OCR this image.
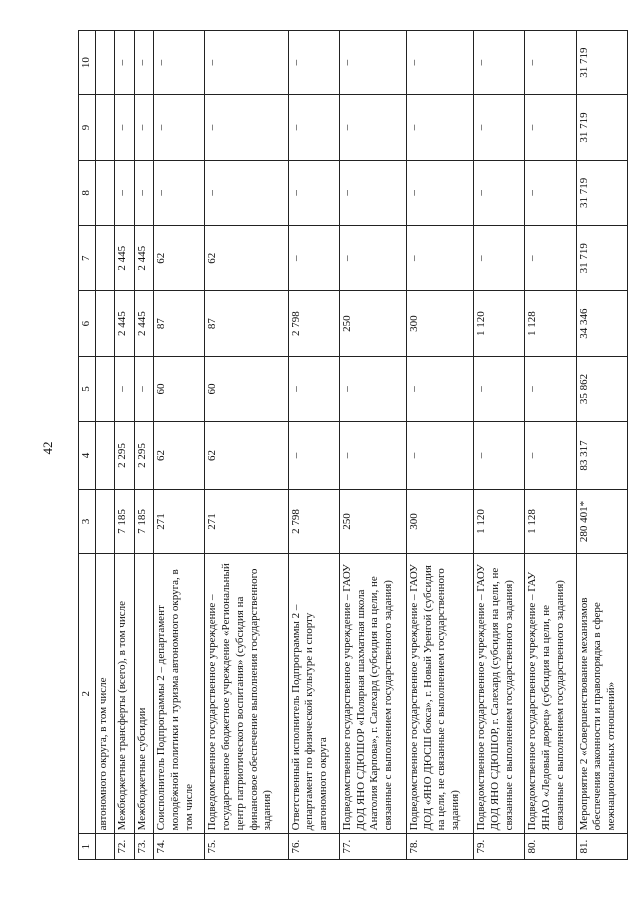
42
1	2	3	4	5	6	7	8	9	10
	автономного округа, в том числе								
72.	Межбюджетные трансферты (всего), в том числе	7 185	2 295	–	2 445	2 445	–	–	–
73.	Межбюджетные субсидии	7 185	2 295	–	2 445	2 445	–	–	–
74.	Соисполнитель Подпрограммы 2 – департамент молодёжной политики и туризма автономного округа, в том числе	271	62	60	87	62	–	–	–
75.	Подведомственное государственное учреждение – государственное бюджетное учреждение «Региональный центр патриотического воспитания» (субсидия на финансовое обеспечение выполнения государственного задания)	271	62	60	87	62	–	–	–
76.	Ответственный исполнитель Подпрограммы 2 – департамент по физической культуре и спорту автономного округа	2 798	–	–	2 798	–	–	–	–
77.	Подведомственное государственное учреждение – ГАОУ ДОД ЯНО СДЮШОР «Полярная шахматная школа Анатолия Карпова», г. Салехард (субсидия на цели, не связанные с выполнением государственного задания)	250	–	–	250	–	–	–	–
78.	Подведомственное государственное учреждение – ГАОУ ДОД «ЯНО ДЮСШ бокса», г. Новый Уренгой (субсидия на цели, не связанные с выполнением государственного задания)	300	–	–	300	–	–	–	–
79.	Подведомственное государственное учреждение – ГАОУ ДОД ЯНО СДЮШОР, г. Салехард (субсидия на цели, не связанные с выполнением государственного задания)	1 120	–	–	1 120	–	–	–	–
80.	Подведомственное государственное учреждение – ГАУ ЯНАО «Ледовый дворец» (субсидия на цели, не связанные с выполнением государственного задания)	1 128	–	–	1 128	–	–	–	–
81.	Мероприятие 2 «Совершенствование механизмов обеспечения законности и правопорядка в сфере межнациональных отношений»	280 401*	83 317	35 862	34 346	31 719	31 719	31 719	31 719
